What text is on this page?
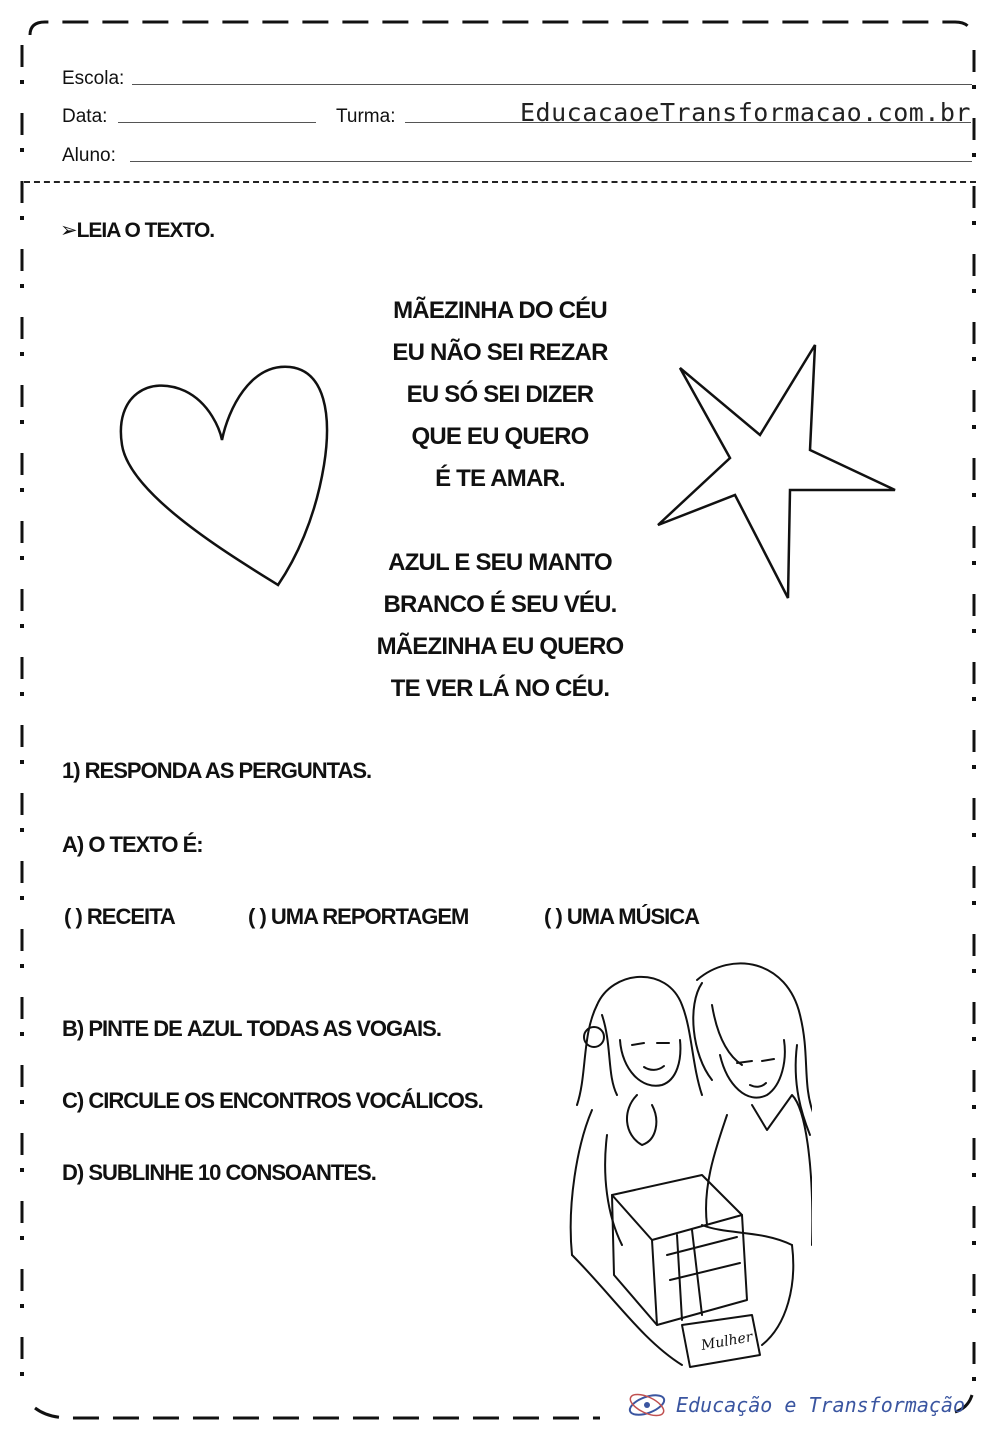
Escola:
Data:	Turma:	EducacaoeTransformacao.com.br
Aluno:
➢LEIA O TEXTO.
MÃEZINHA DO CÉU
EU NÃO SEI REZAR
EU SÓ SEI DIZER
QUE EU QUERO
É TE AMAR.
AZUL E SEU MANTO
BRANCO É SEU VÉU.
MÃEZINHA EU QUERO
TE VER LÁ NO CÉU.
1) RESPONDA AS PERGUNTAS.
A) O TEXTO É:
( ) RECEITA	( ) UMA REPORTAGEM	( ) UMA MÚSICA
B) PINTE DE AZUL TODAS AS VOGAIS.
C) CIRCULE OS ENCONTROS VOCÁLICOS.
D) SUBLINHE 10 CONSOANTES.
Mulher
Educação e Transformação
